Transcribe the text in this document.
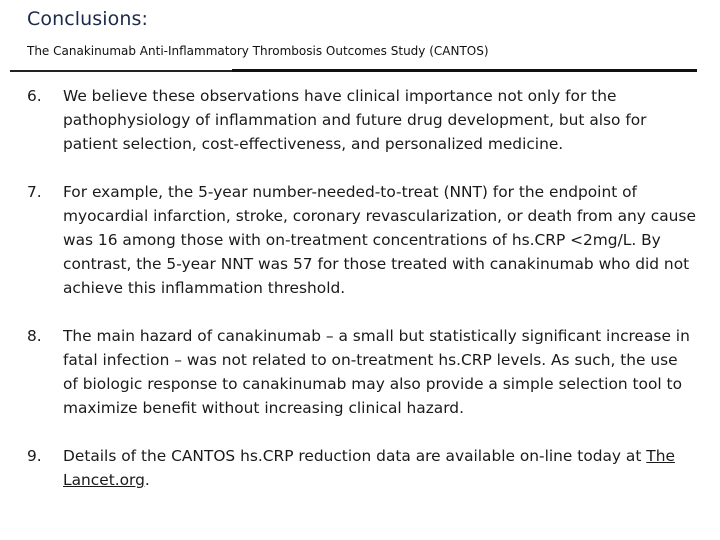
Conclusions:
The Canakinumab Anti-Inflammatory Thrombosis Outcomes Study (CANTOS)
6.	We believe these observations have clinical importance not only for the pathophysiology of inflammation and future drug development, but also for patient selection, cost-effectiveness, and personalized medicine.
7.	For example, the 5-year number-needed-to-treat (NNT) for the endpoint of myocardial infarction, stroke, coronary revascularization, or death from any cause was 16 among those with on-treatment concentrations of hs.CRP <2mg/L. By contrast, the 5-year NNT was 57 for those treated with canakinumab who did not achieve this inflammation threshold.
8.	The main hazard of canakinumab – a small but statistically significant increase in fatal infection – was not related to on-treatment hs.CRP levels. As such, the use of biologic response to canakinumab may also provide a simple selection tool to maximize benefit without increasing clinical hazard.
9.	Details of the CANTOS hs.CRP reduction data are available on-line today at The Lancet.org.
